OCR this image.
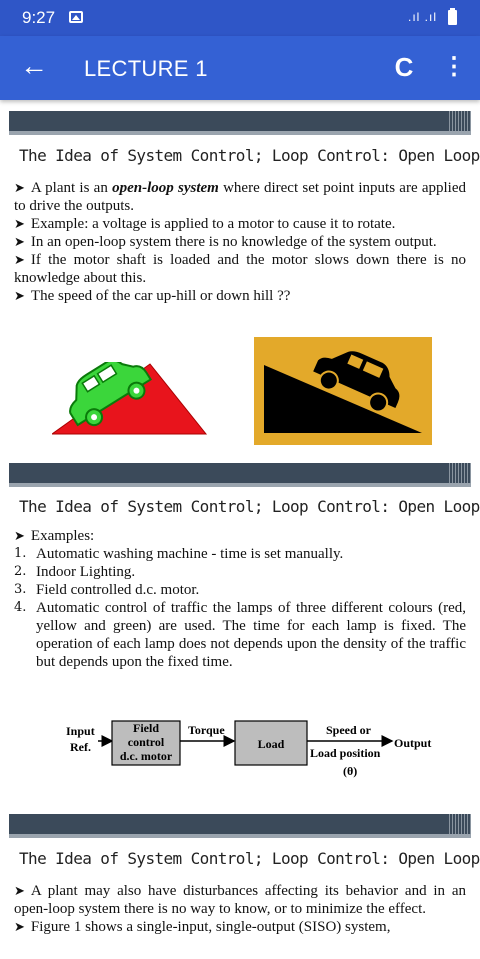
9:27	.ıl .ıl
← LECTURE 1	C ⋮
The Idea of System Control; Loop Control: Open Loop

➤ A plant is an open-loop system where direct set point inputs are applied to drive the outputs.

➤ Example: a voltage is applied to a motor to cause it to rotate.

➤ In an open-loop system there is no knowledge of the system output.

➤ If the motor shaft is loaded and the motor slows down there is no knowledge about this.

➤ The speed of the car up-hill or down hill ??

The Idea of System Control; Loop Control: Open Loop

➤ Examples:

1. Automatic washing machine - time is set manually.
2. Indoor Lighting.
3. Field controlled d.c. motor.
4. Automatic control of traffic the lamps of three different colours (red, yellow and green) are used. The time for each lamp is fixed. The operation of each lamp does not depends upon the density of the traffic but depends upon the fixed time.
Input
Ref.
Field
control
d.c. motor
Torque
Load
Speed or
Load position
(θ)
Output
The Idea of System Control; Loop Control: Open Loop

➤ A plant may also have disturbances affecting its behavior and in an open-loop system there is no way to know, or to minimize the effect.

➤ Figure 1 shows a single-input, single-output (SISO) system,
